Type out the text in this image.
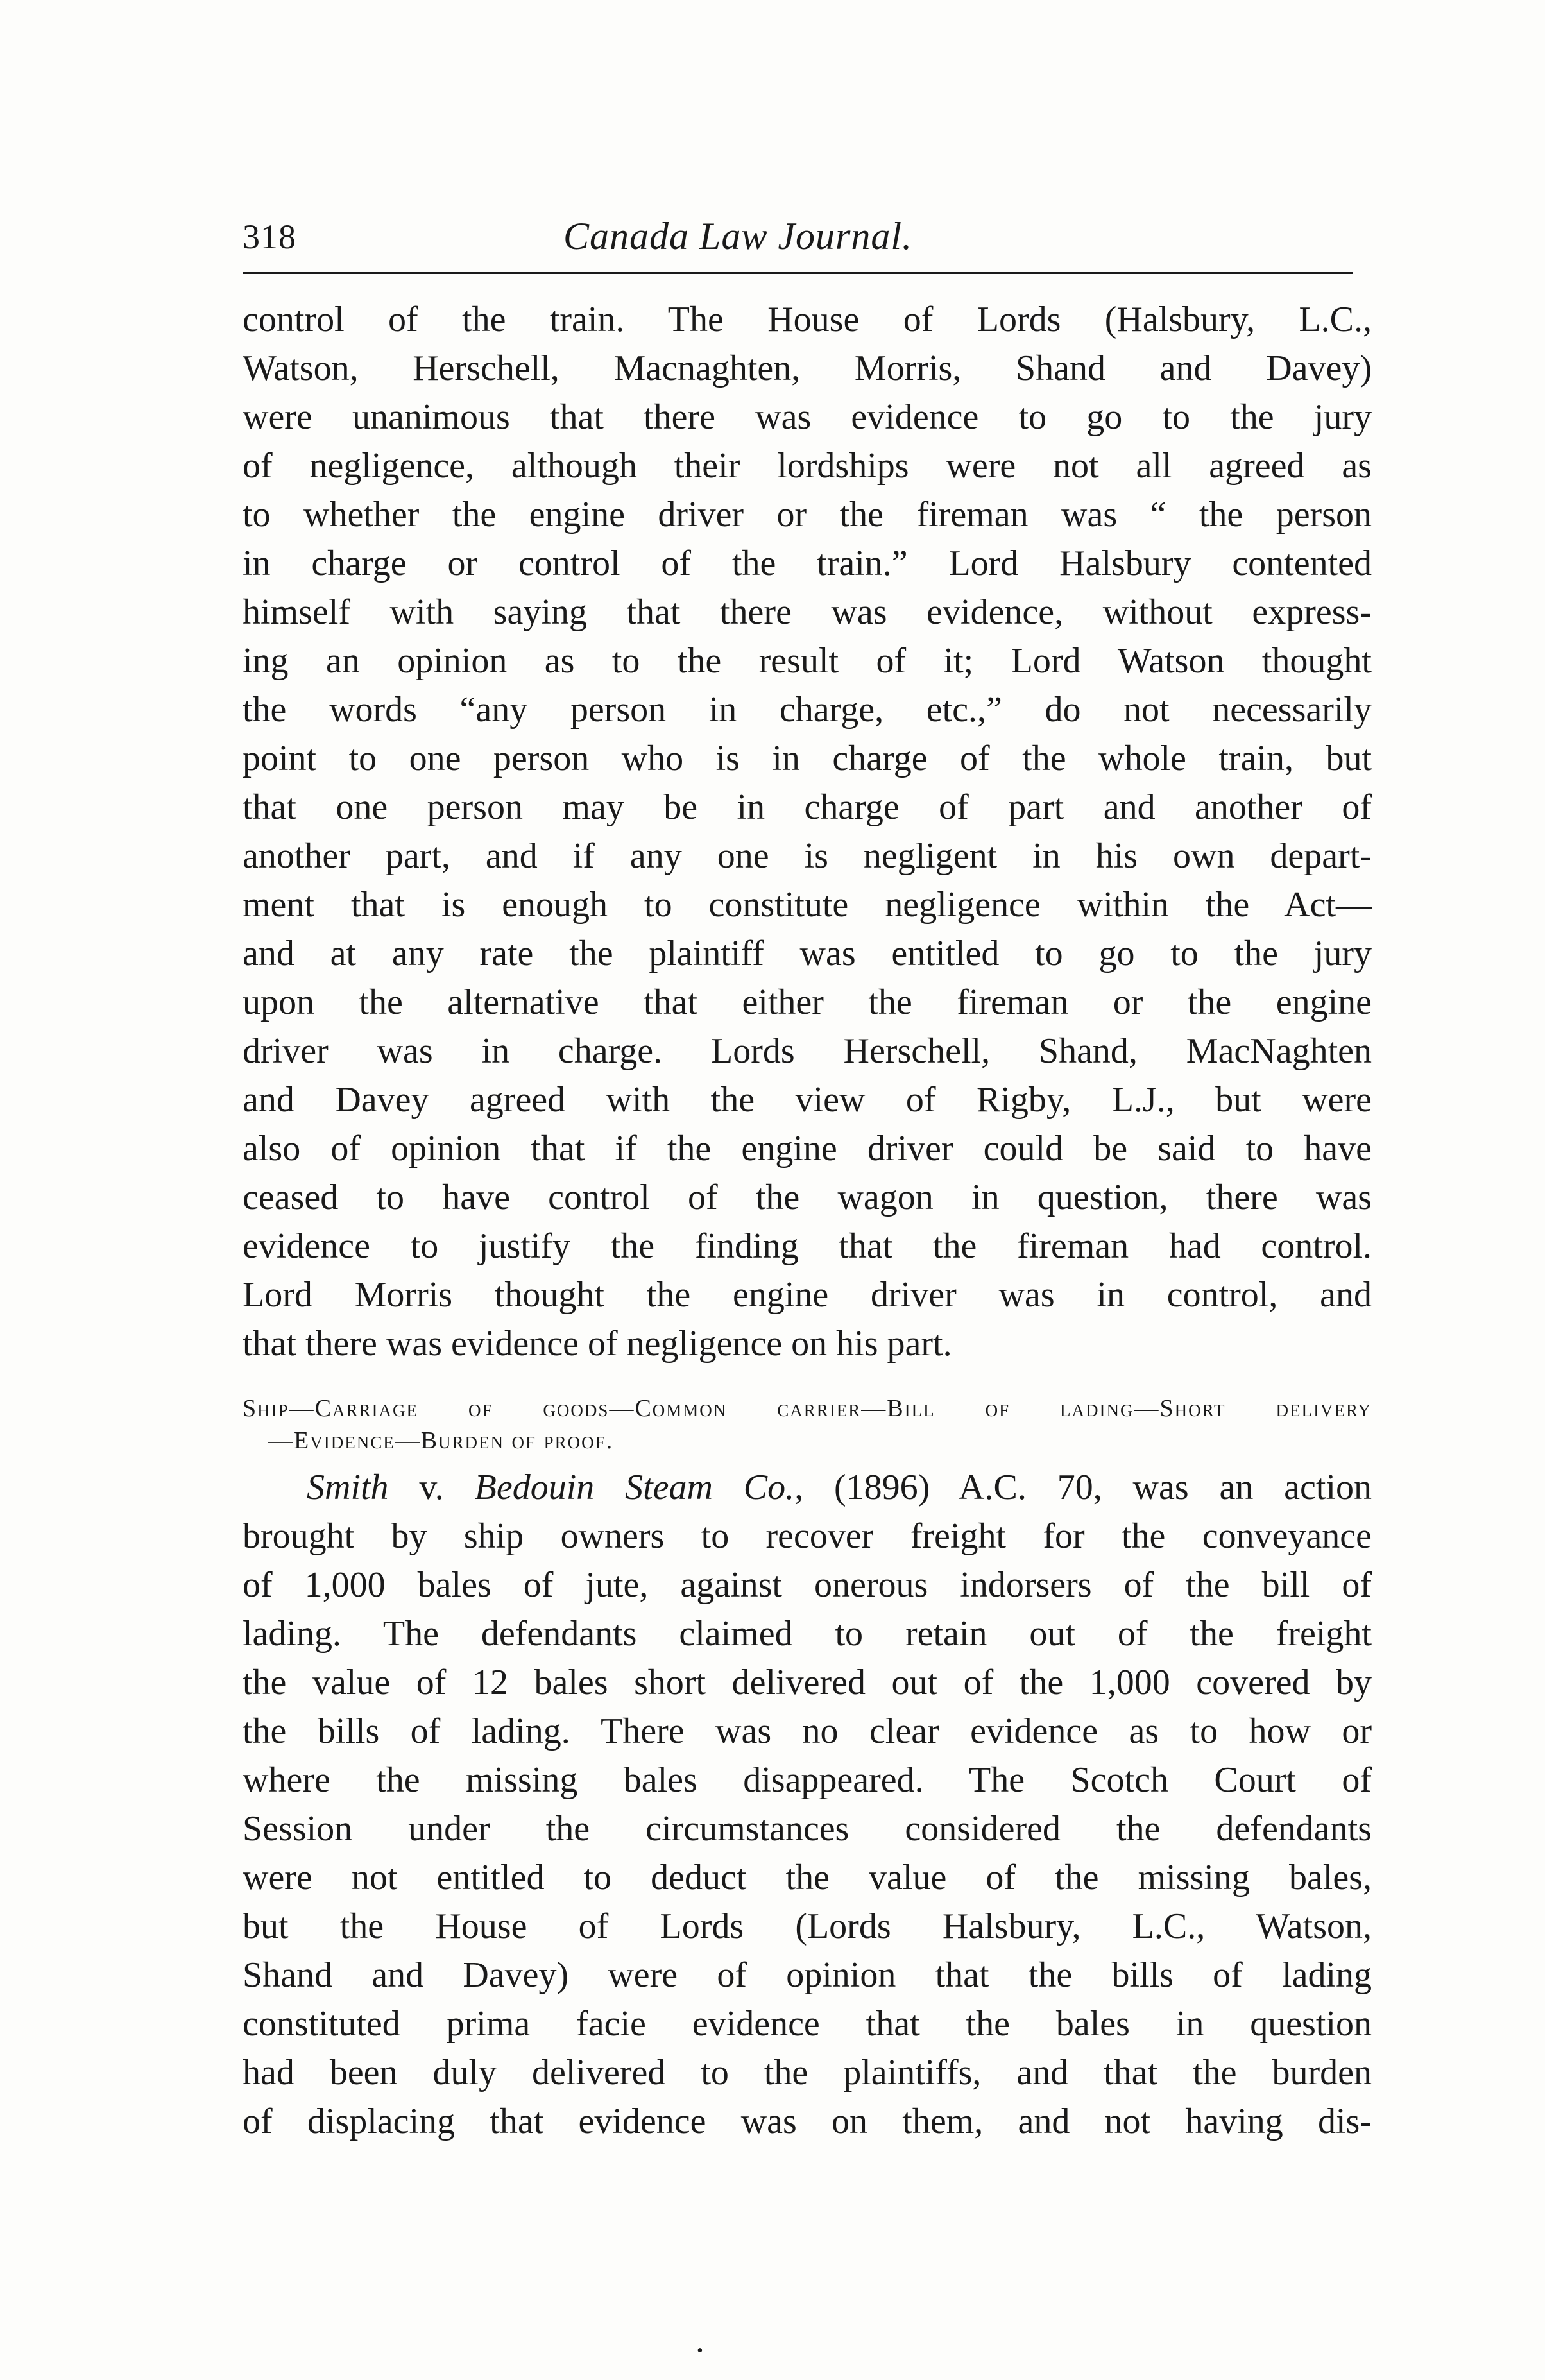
318	Canada Law Journal.
control of the train. The House of Lords (Halsbury, L.C.,
Watson, Herschell, Macnaghten, Morris, Shand and Davey)
were unanimous that there was evidence to go to the jury
of negligence, although their lordships were not all agreed as
to whether the engine driver or the fireman was “ the person
in charge or control of the train.” Lord Halsbury contented
himself with saying that there was evidence, without express-
ing an opinion as to the result of it; Lord Watson thought
the words “any person in charge, etc.,” do not necessarily
point to one person who is in charge of the whole train, but
that one person may be in charge of part and another of
another part, and if any one is negligent in his own depart-
ment that is enough to constitute negligence within the Act—
and at any rate the plaintiff was entitled to go to the jury
upon the alternative that either the fireman or the engine
driver was in charge. Lords Herschell, Shand, MacNaghten
and Davey agreed with the view of Rigby, L.J., but were
also of opinion that if the engine driver could be said to have
ceased to have control of the wagon in question, there was
evidence to justify the finding that the fireman had control.
Lord Morris thought the engine driver was in control, and
that there was evidence of negligence on his part.
Ship—Carriage of goods—Common carrier—Bill of lading—Short delivery
—Evidence—Burden of proof.
Smith v. Bedouin Steam Co., (1896) A.C. 70, was an action
brought by ship owners to recover freight for the conveyance
of 1,000 bales of jute, against onerous indorsers of the bill of
lading. The defendants claimed to retain out of the freight
the value of 12 bales short delivered out of the 1,000 covered by
the bills of lading. There was no clear evidence as to how or
where the missing bales disappeared. The Scotch Court of
Session under the circumstances considered the defendants
were not entitled to deduct the value of the missing bales,
but the House of Lords (Lords Halsbury, L.C., Watson,
Shand and Davey) were of opinion that the bills of lading
constituted prima facie evidence that the bales in question
had been duly delivered to the plaintiffs, and that the burden
of displacing that evidence was on them, and not having dis-
•
